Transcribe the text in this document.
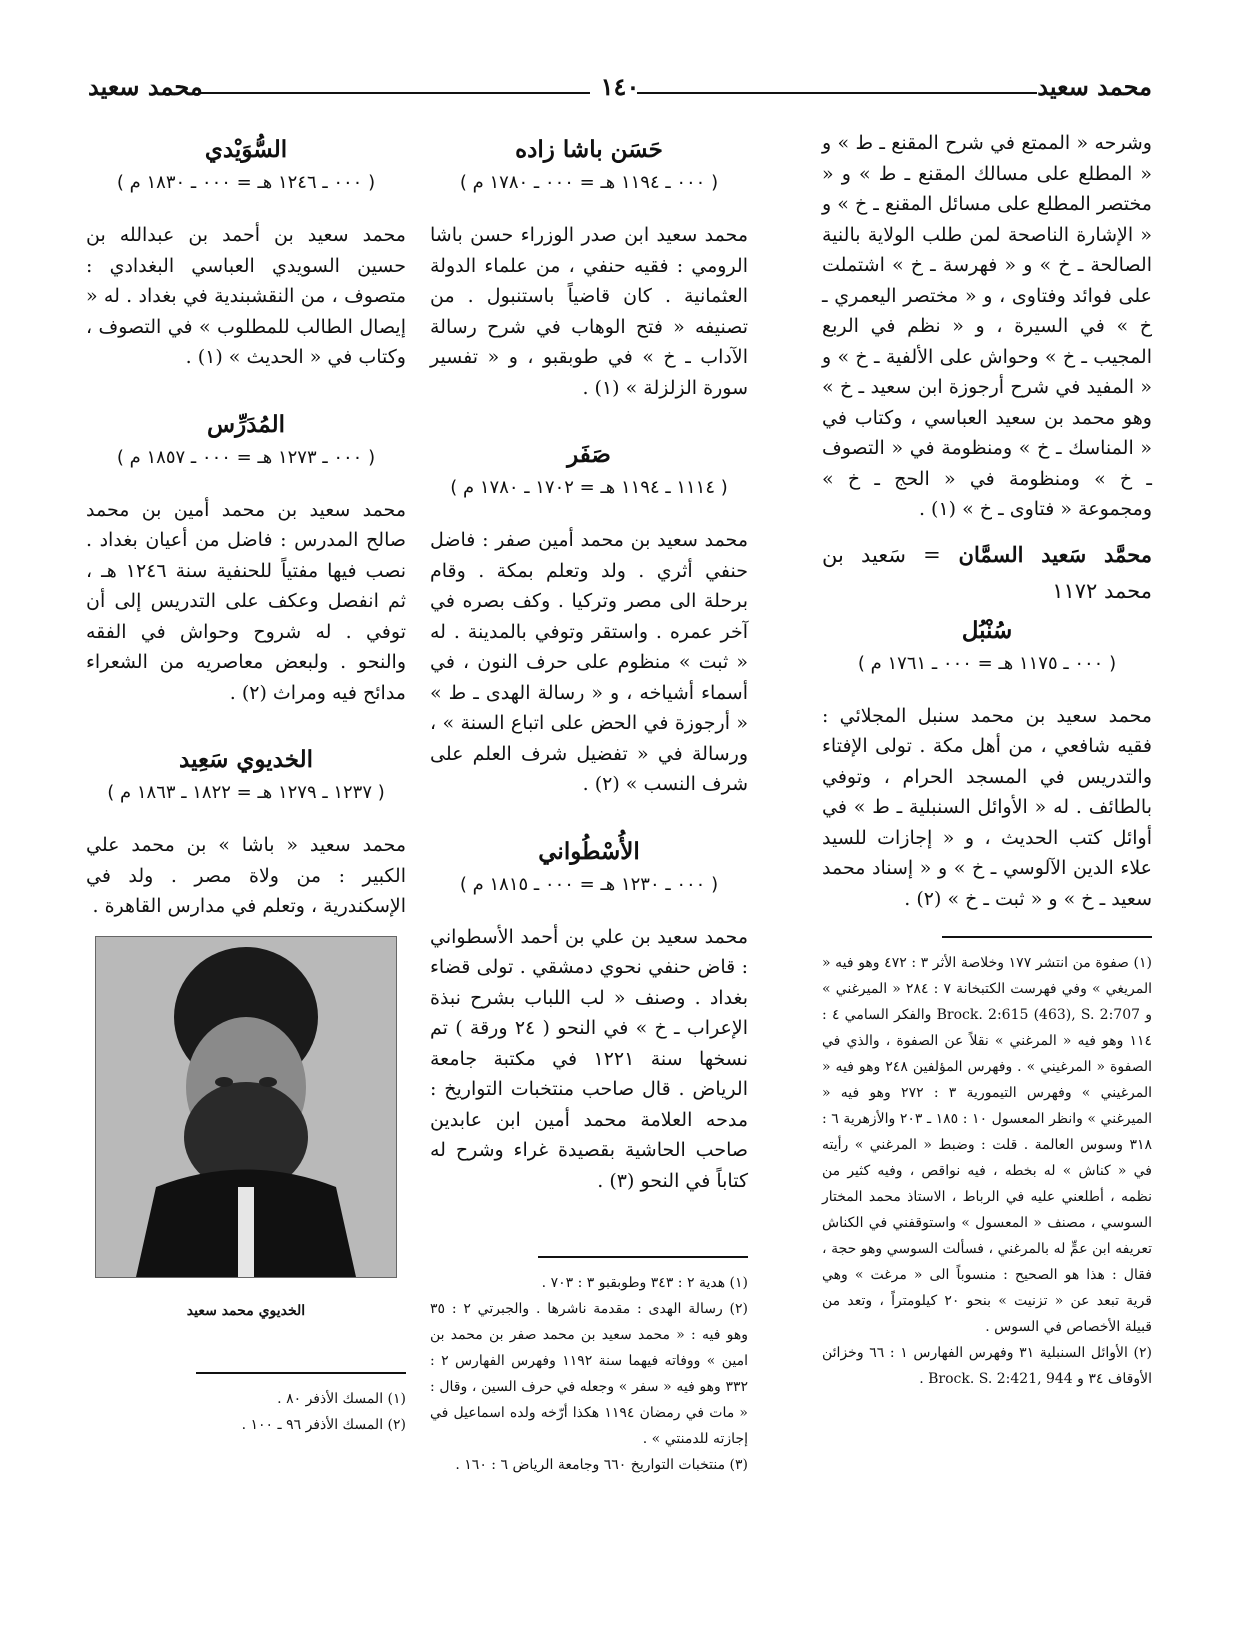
محمد سعيد
١٤٠
محمد سعيد

وشرحه « الممتع في شرح المقنع ـ ط » و « المطلع على مسالك المقنع ـ ط » و « مختصر المطلع على مسائل المقنع ـ خ » و « الإشارة الناصحة لمن طلب الولاية بالنية الصالحة ـ خ » و « فهرسة ـ خ » اشتملت على فوائد وفتاوى ، و « مختصر اليعمري ـ خ » في السيرة ، و « نظم في الربع المجيب ـ خ » وحواش على الألفية ـ خ » و « المفيد في شرح أرجوزة ابن سعيد ـ خ » وهو محمد بن سعيد العباسي ، وكتاب في « المناسك ـ خ » ومنظومة في « التصوف ـ خ » ومنظومة في « الحج ـ خ » ومجموعة « فتاوى ـ خ » (١) .

محمَّد سَعيد السمَّان = سَعيد بن محمد ١١٧٢
سُنْبُل
( ٠٠٠ ـ ١١٧٥ هـ = ٠٠٠ ـ ١٧٦١ م )

محمد سعيد بن محمد سنبل المجلائي : فقيه شافعي ، من أهل مكة . تولى الإفتاء والتدريس في المسجد الحرام ، وتوفي بالطائف . له « الأوائل السنبلية ـ ط » في أوائل كتب الحديث ، و « إجازات للسيد علاء الدين الآلوسي ـ خ » و « إسناد محمد سعيد ـ خ » و « ثبت ـ خ » (٢) .

(١) صفوة من انتشر ١٧٧ وخلاصة الأثر ٣ : ٤٧٢ وهو فيه « المريغي » وفي فهرست الكتبخانة ٧ : ٢٨٤ « الميرغني » و Brock. 2:615 (463), S. 2:707 والفكر السامي ٤ : ١١٤ وهو فيه « المرغني » نقلاً عن الصفوة ، والذي في الصفوة « المرغيني » . وفهرس المؤلفين ٢٤٨ وهو فيه « المرغيني » وفهرس التيمورية ٣ : ٢٧٢ وهو فيه « الميرغني » وانظر المعسول ١٠ : ١٨٥ ـ ٢٠٣ والأزهرية ٦ : ٣١٨ وسوس العالمة . قلت : وضبط « المرغني » رأيته في « كناش » له بخطه ، فيه نواقص ، وفيه كثير من نظمه ، أطلعني عليه في الرباط ، الاستاذ محمد المختار السوسي ، مصنف « المعسول » واستوقفني في الكناش تعريفه ابن عمٍّ له بالمرغني ، فسألت السوسي وهو حجة ، فقال : هذا هو الصحيح : منسوباً الى « مرغت » وهي قرية تبعد عن « تزنيت » بنحو ٢٠ كيلومتراً ، وتعد من قبيلة الأخصاص في السوس .

(٢) الأوائل السنبلية ٣١ وفهرس الفهارس ١ : ٦٦ وخزائن الأوقاف ٣٤ و Brock. S. 2:421, 944 .

حَسَن باشا زاده
( ٠٠٠ ـ ١١٩٤ هـ = ٠٠٠ ـ ١٧٨٠ م )

محمد سعيد ابن صدر الوزراء حسن باشا الرومي : فقيه حنفي ، من علماء الدولة العثمانية . كان قاضياً باستنبول . من تصنيفه « فتح الوهاب في شرح رسالة الآداب ـ خ » في طوبقبو ، و « تفسير سورة الزلزلة » (١) .

صَفَر
( ١١١٤ ـ ١١٩٤ هـ = ١٧٠٢ ـ ١٧٨٠ م )

محمد سعيد بن محمد أمين صفر : فاضل حنفي أثري . ولد وتعلم بمكة . وقام برحلة الى مصر وتركيا . وكف بصره في آخر عمره . واستقر وتوفي بالمدينة . له « ثبت » منظوم على حرف النون ، في أسماء أشياخه ، و « رسالة الهدى ـ ط » « أرجوزة في الحض على اتباع السنة » ، ورسالة في « تفضيل شرف العلم على شرف النسب » (٢) .

الأُسْطُواني
( ٠٠٠ ـ ١٢٣٠ هـ = ٠٠٠ ـ ١٨١٥ م )

محمد سعيد بن علي بن أحمد الأسطواني : قاض حنفي نحوي دمشقي . تولى قضاء بغداد . وصنف « لب اللباب بشرح نبذة الإعراب ـ خ » في النحو ( ٢٤ ورقة ) تم نسخها سنة ١٢٢١ في مكتبة جامعة الرياض . قال صاحب منتخبات التواريخ : مدحه العلامة محمد أمين ابن عابدين صاحب الحاشية بقصيدة غراء وشرح له كتاباً في النحو (٣) .

(١) هدية ٢ : ٣٤٣ وطوبقبو ٣ : ٧٠٣ .

(٢) رسالة الهدى : مقدمة ناشرها . والجبرتي ٢ : ٣٥ وهو فيه : « محمد سعيد بن محمد صفر بن محمد بن امين » ووفاته فيهما سنة ١١٩٢ وفهرس الفهارس ٢ : ٣٣٢ وهو فيه « سفر » وجعله في حرف السين ، وقال : « مات في رمضان ١١٩٤ هكذا أرّخه ولده اسماعيل في إجازته للدمنتي » .

(٣) منتخبات التواريخ ٦٦٠ وجامعة الرياض ٦ : ١٦٠ .

السُّوَيْدي
( ٠٠٠ ـ ١٢٤٦ هـ = ٠٠٠ ـ ١٨٣٠ م )

محمد سعيد بن أحمد بن عبدالله بن حسين السويدي العباسي البغدادي : متصوف ، من النقشبندية في بغداد . له « إيصال الطالب للمطلوب » في التصوف ، وكتاب في « الحديث » (١) .

المُدَرِّس
( ٠٠٠ ـ ١٢٧٣ هـ = ٠٠٠ ـ ١٨٥٧ م )

محمد سعيد بن محمد أمين بن محمد صالح المدرس : فاضل من أعيان بغداد . نصب فيها مفتياً للحنفية سنة ١٢٤٦ هـ ، ثم انفصل وعكف على التدريس إلى أن توفي . له شروح وحواش في الفقه والنحو . ولبعض معاصريه من الشعراء مدائح فيه ومراث (٢) .

الخديوي سَعِيد
( ١٢٣٧ ـ ١٢٧٩ هـ = ١٨٢٢ ـ ١٨٦٣ م )

محمد سعيد « باشا » بن محمد علي الكبير : من ولاة مصر . ولد في الإسكندرية ، وتعلم في مدارس القاهرة .

الخديوي محمد سعيد

(١) المسك الأذفر ٨٠ .

(٢) المسك الأذفر ٩٦ ـ ١٠٠ .
